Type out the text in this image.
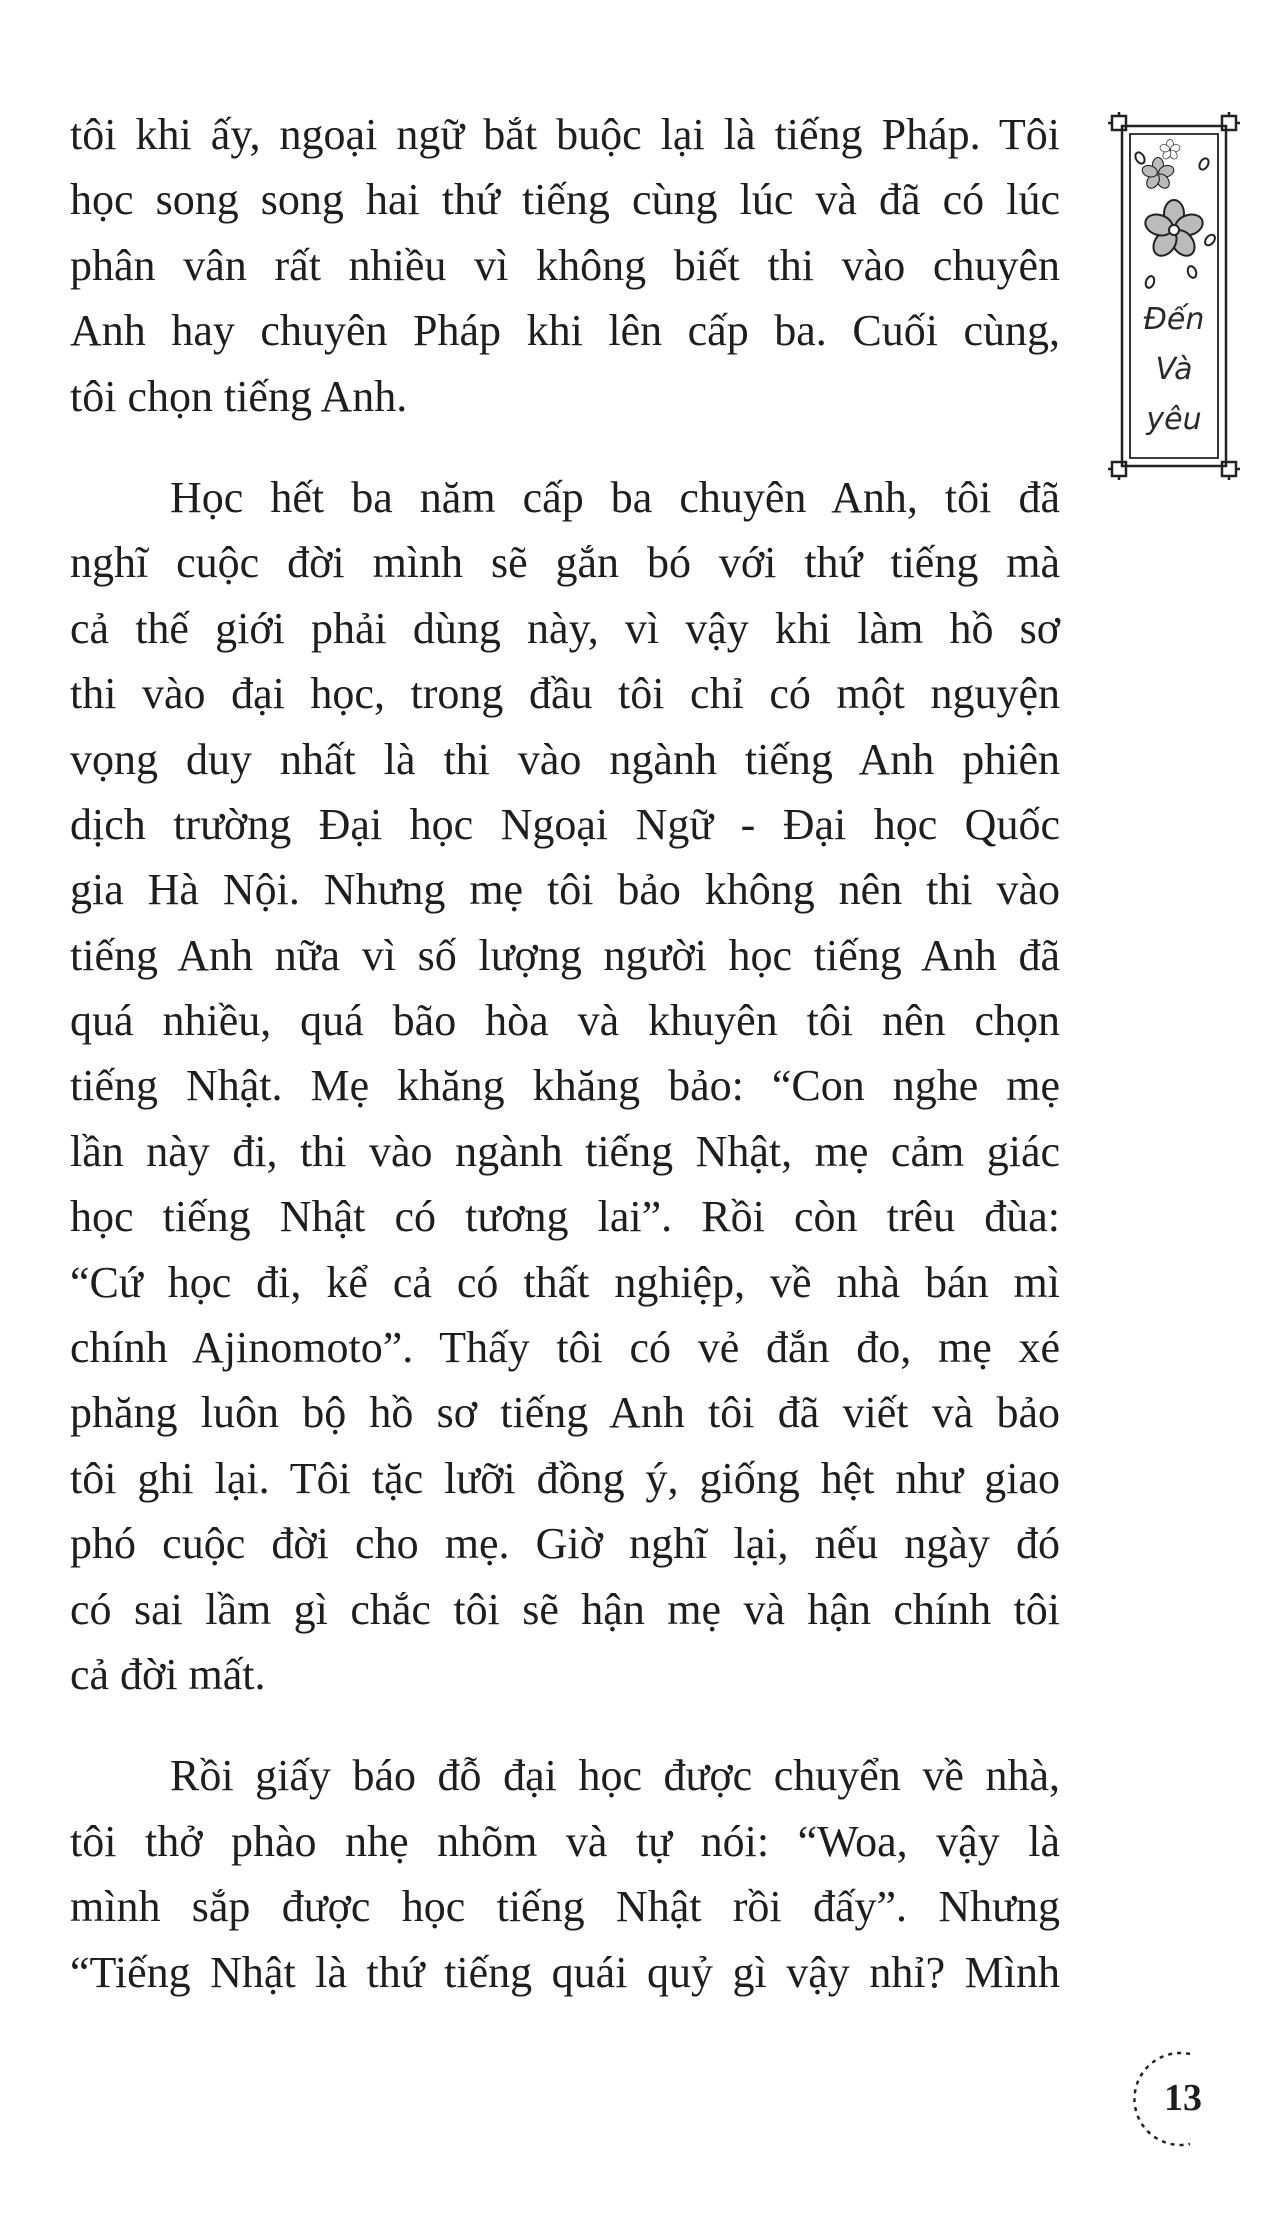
tôi khi ấy, ngoại ngữ bắt buộc lại là tiếng Pháp. Tôi
học song song hai thứ tiếng cùng lúc và đã có lúc
phân vân rất nhiều vì không biết thi vào chuyên
Anh hay chuyên Pháp khi lên cấp ba. Cuối cùng,
tôi chọn tiếng Anh.
Học hết ba năm cấp ba chuyên Anh, tôi đã
nghĩ cuộc đời mình sẽ gắn bó với thứ tiếng mà
cả thế giới phải dùng này, vì vậy khi làm hồ sơ
thi vào đại học, trong đầu tôi chỉ có một nguyện
vọng duy nhất là thi vào ngành tiếng Anh phiên
dịch trường Đại học Ngoại Ngữ - Đại học Quốc
gia Hà Nội. Nhưng mẹ tôi bảo không nên thi vào
tiếng Anh nữa vì số lượng người học tiếng Anh đã
quá nhiều, quá bão hòa và khuyên tôi nên chọn
tiếng Nhật. Mẹ khăng khăng bảo: “Con nghe mẹ
lần này đi, thi vào ngành tiếng Nhật, mẹ cảm giác
học tiếng Nhật có tương lai”. Rồi còn trêu đùa:
“Cứ học đi, kể cả có thất nghiệp, về nhà bán mì
chính Ajinomoto”. Thấy tôi có vẻ đắn đo, mẹ xé
phăng luôn bộ hồ sơ tiếng Anh tôi đã viết và bảo
tôi ghi lại. Tôi tặc lưỡi đồng ý, giống hệt như giao
phó cuộc đời cho mẹ. Giờ nghĩ lại, nếu ngày đó
có sai lầm gì chắc tôi sẽ hận mẹ và hận chính tôi
cả đời mất.
Rồi giấy báo đỗ đại học được chuyển về nhà,
tôi thở phào nhẹ nhõm và tự nói: “Woa, vậy là
mình sắp được học tiếng Nhật rồi đấy”. Nhưng
“Tiếng Nhật là thứ tiếng quái quỷ gì vậy nhỉ? Mình
Đến
Và
yêu
13
